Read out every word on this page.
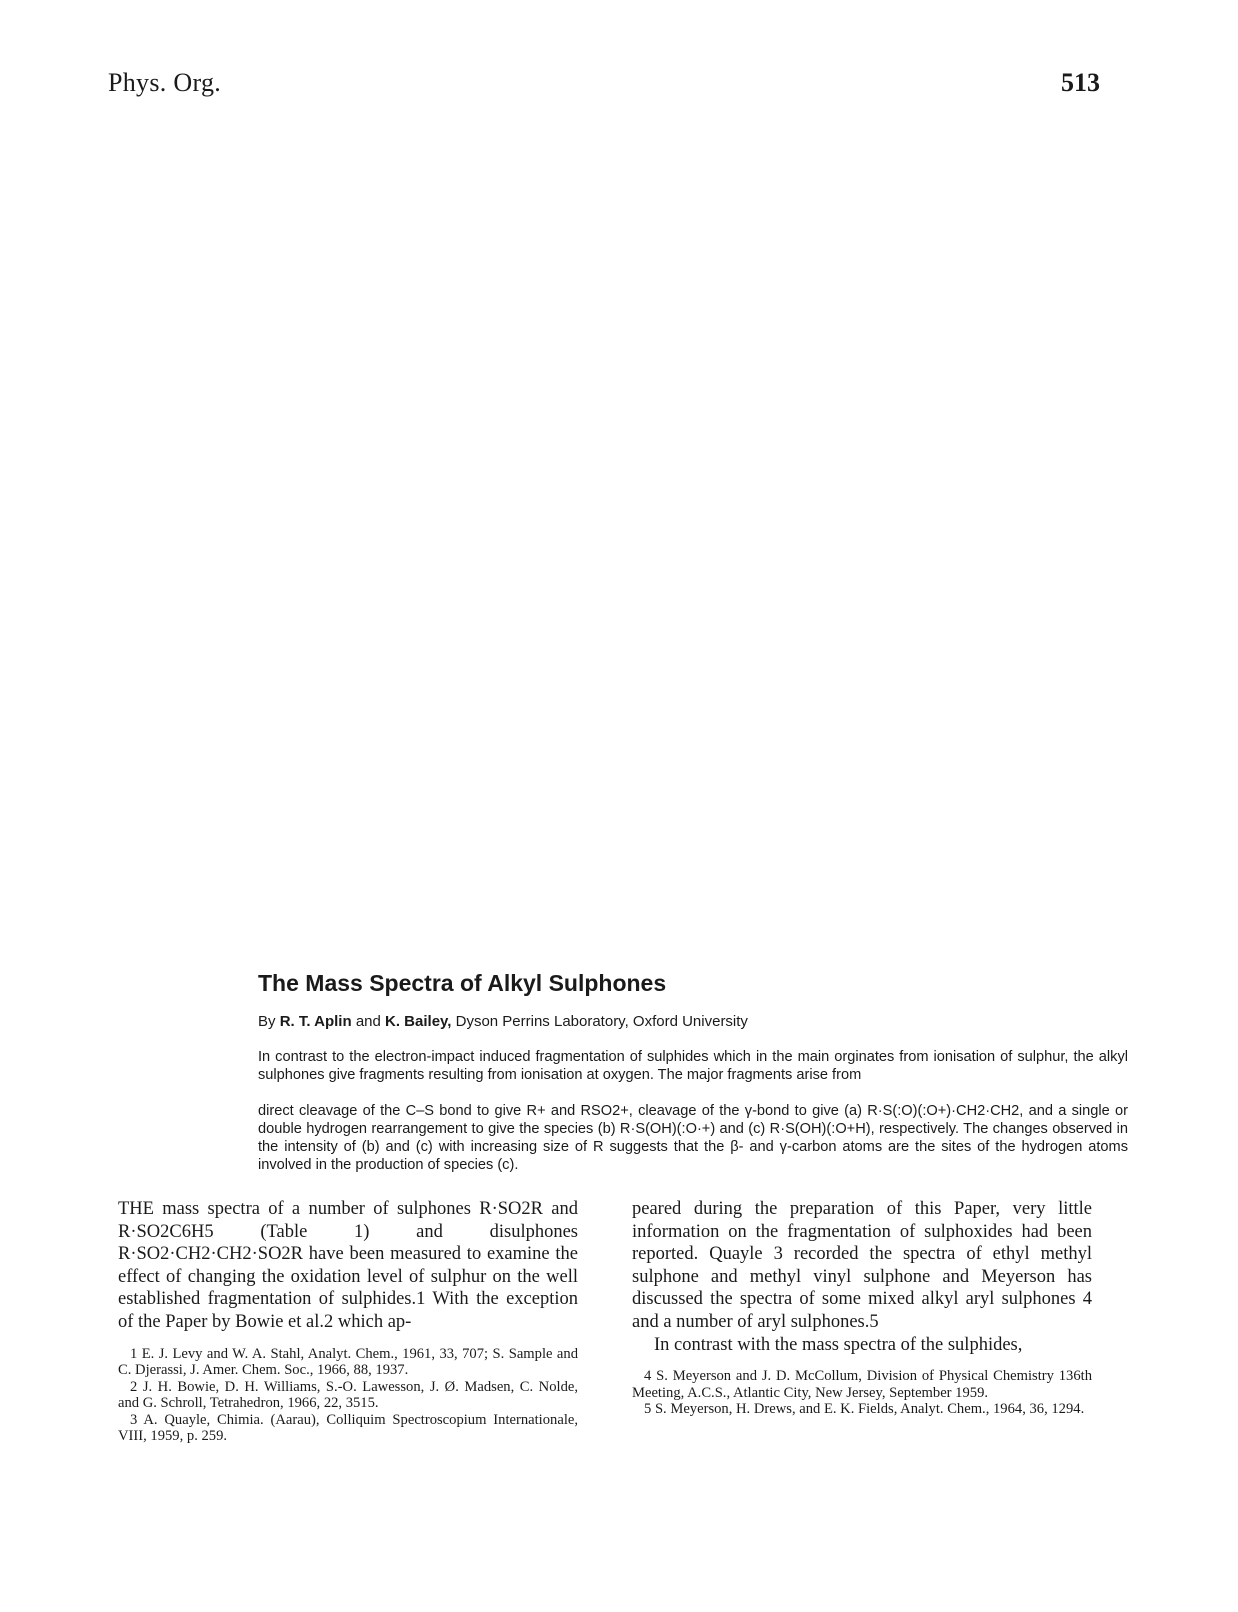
Phys. Org.	513
The Mass Spectra of Alkyl Sulphones
By R. T. Aplin and K. Bailey, Dyson Perrins Laboratory, Oxford University

In contrast to the electron-impact induced fragmentation of sulphides which in the main orginates from ionisation of sulphur, the alkyl sulphones give fragments resulting from ionisation at oxygen. The major fragments arise from

direct cleavage of the C–S bond to give R+ and RSO2+, cleavage of the γ-bond to give (a) R·S(:O)(:O+)·CH2·CH2, and a single or double hydrogen rearrangement to give the species (b) R·S(OH)(:O·+) and (c) R·S(OH)(:O+H), respectively. The changes observed in the intensity of (b) and (c) with increasing size of R suggests that the β- and γ-carbon atoms are the sites of the hydrogen atoms involved in the production of species (c).

THE mass spectra of a number of sulphones R·SO2R and R·SO2C6H5 (Table 1) and disulphones R·SO2·CH2·CH2·SO2R have been measured to examine the effect of changing the oxidation level of sulphur on the well established fragmentation of sulphides.1 With the exception of the Paper by Bowie et al.2 which ap-

1 E. J. Levy and W. A. Stahl, Analyt. Chem., 1961, 33, 707; S. Sample and C. Djerassi, J. Amer. Chem. Soc., 1966, 88, 1937.

2 J. H. Bowie, D. H. Williams, S.-O. Lawesson, J. Ø. Madsen, C. Nolde, and G. Schroll, Tetrahedron, 1966, 22, 3515.

3 A. Quayle, Chimia. (Aarau), Colliquim Spectroscopium Internationale, VIII, 1959, p. 259.

peared during the preparation of this Paper, very little information on the fragmentation of sulphoxides had been reported. Quayle 3 recorded the spectra of ethyl methyl sulphone and methyl vinyl sulphone and Meyerson has discussed the spectra of some mixed alkyl aryl sulphones 4 and a number of aryl sulphones.5

In contrast with the mass spectra of the sulphides,

4 S. Meyerson and J. D. McCollum, Division of Physical Chemistry 136th Meeting, A.C.S., Atlantic City, New Jersey, September 1959.

5 S. Meyerson, H. Drews, and E. K. Fields, Analyt. Chem., 1964, 36, 1294.
